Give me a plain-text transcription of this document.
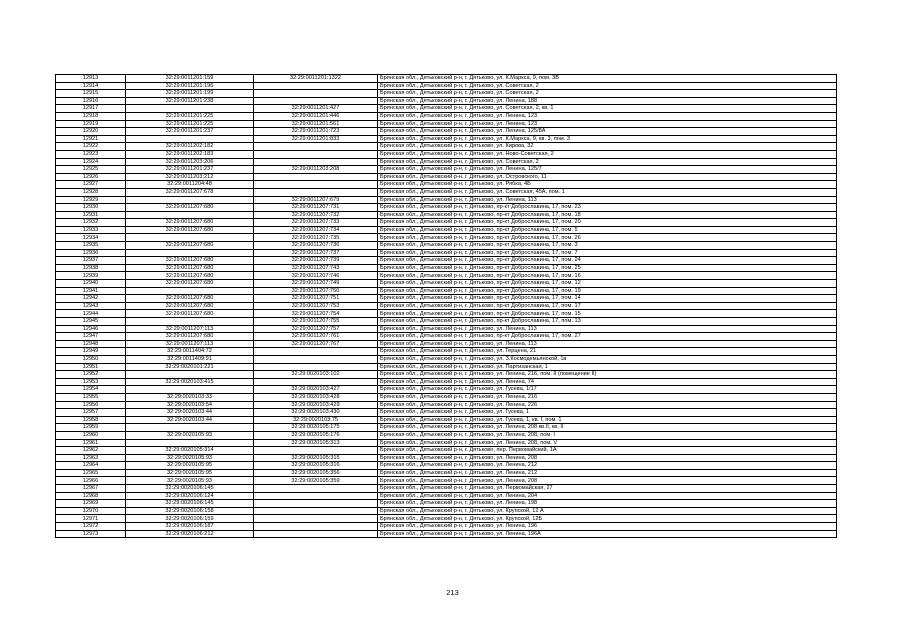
12913	32:29:0011201:159	32:29:0011201:1322	Брянская обл., Дятьковский р-н, г. Дятьково, ул. К.Маркса, 9, пом. 3В
12914	32:29:0011201:196		Брянская обл., Дятьковский р-н, г. Дятьково, ул. Советская, 2
12915	32:29:0011201:199		Брянская обл., Дятьковский р-н, г. Дятьково, ул. Советская, 2
12916	32:29:0011201:238		Брянская обл., Дятьковский р-н, г. Дятьково, ул. Ленина, 188
12917		32:29:0011201:427	Брянская обл., Дятьковский р-н, г. Дятьково, ул. Советская, 2, кв. 1
12918	32:29:0011201:225	32:29:0011201:446	Брянская обл., Дятьковский р-н, г. Дятьково, ул. Ленина, 123
12919	32:29:0011201:225	32:29:0011201:561	Брянская обл., Дятьковский р-н, г. Дятьково, ул. Ленина, 123
12920	32:29:0011201:237	32:29:0011201:723	Брянская обл., Дятьковский р-н, г. Дятьково, ул. Ленина, 125/8А
12921		32:29:0011201:833	Брянская обл., Дятьковский р-н, г. Дятьково, ул. К.Маркса, 9, кв. 3, пом. 3
12922	32:29:0011202:182		Брянская обл., Дятьковский р-н, г. Дятьково, ул. Кирова, 32
12923	32:29:0011202:183		Брянская обл., Дятьковский р-н, г. Дятьково, ул. Ново-Советская, 2
12924	32:29:0011203:206		Брянская обл., Дятьковский р-н, г. Дятьково, ул. Советская, 2
12925	32:29:0011201:237	32:29:0011203:208	Брянская обл., Дятьковский р-н, г. Дятьково, ул. Ленина, 125/7
12926	32:29:0011203:212		Брянская обл., Дятьковский р-н, г. Дятьково, ул. Островского, 11
12927	32:29:0011204:48		Брянская обл., Дятьковский р-н, г. Дятьково, ул. Рябка, 4Б
12928	32:29:0011207:678		Брянская обл., Дятьковский р-н, г. Дятьково, ул. Советская, 45А, пом. 1
12929		32:29:0011207:679	Брянская обл., Дятьковский р-н, г. Дятьково, ул. Ленина, 113
12930	32:29:0011207:680	32:29:0011207:731	Брянская обл., Дятьковский р-н, г. Дятьково, пр-кт Доброславина, 17, пом. 23
12931		32:29:0011207:732	Брянская обл., Дятьковский р-н, г. Дятьково, пр-кт Доброславина, 17, пом. 18
12932	32:29:0011207:680	32:29:0011207:733	Брянская обл., Дятьковский р-н, г. Дятьково, пр-кт Доброславина, 17, пом. 20
12933	32:29:0011207:680	32:29:0011207:734	Брянская обл., Дятьковский р-н, г. Дятьково, пр-кт Доброславина, 17, пом. 5
12934		32:29:0011207:735	Брянская обл., Дятьковский р-н, г. Дятьково, пр-кт Доброславина, 17, пом. 26
12935	32:29:0011207:680	32:29:0011207:736	Брянская обл., Дятьковский р-н, г. Дятьково, пр-кт Доброславина, 17, пом. 3
12936		32:29:0011207:737	Брянская обл., Дятьковский р-н, г. Дятьково, пр-кт Доброславина, 17, пом. 7
12937	32:29:0011207:680	32:29:0011207:739	Брянская обл., Дятьковский р-н, г. Дятьково, пр-кт Доброславина, 17, пом. 24
12938	32:29:0011207:680	32:29:0011207:743	Брянская обл., Дятьковский р-н, г. Дятьково, пр-кт Доброславина, 17, пом. 25
12939	32:29:0011207:680	32:29:0011207:746	Брянская обл., Дятьковский р-н, г. Дятьково, пр-кт Доброславина, 17, пом. 16
12940	32:29:0011207:680	32:29:0011207:749	Брянская обл., Дятьковский р-н, г. Дятьково, пр-кт Доброславина, 17, пом. 12
12941		32:29:0011207:750	Брянская обл., Дятьковский р-н, г. Дятьково, пр-кт Доброславина, 17, пом. 19
12942	32:29:0011207:680	32:29:0011207:751	Брянская обл., Дятьковский р-н, г. Дятьково, пр-кт Доброславина, 17, пом. 14
12943	32:29:0011207:680	32:29:0011207:753	Брянская обл., Дятьковский р-н, г. Дятьково, пр-кт Доброславина, 17, пом. 17
12944	32:29:0011207:680	32:29:0011207:754	Брянская обл., Дятьковский р-н, г. Дятьково, пр-кт Доброславина, 17, пом. 15
12945		32:29:0011207:755	Брянская обл., Дятьковский р-н, г. Дятьково, пр-кт Доброславина, 17, пом. 13
12946	32:29:0011207:113	32:29:0011207:757	Брянская обл., Дятьковский р-н, г. Дятьково, ул. Ленина, 113
12947	32:29:0011207:680	32:29:0011207:761	Брянская обл., Дятьковский р-н, г. Дятьково, пр-кт Доброславина, 17, пом. 27
12948	32:29:0011207:113	32:29:0011207:767	Брянская обл., Дятьковский р-н, г. Дятьково, ул. Ленина, 113
12949	32:29:0011404:72		Брянская обл., Дятьковский р-н, г. Дятьково, ул. Герцена, 21
12950	32:29:0011409:91		Брянская обл., Дятьковский р-н, г. Дятьково, ул. З.Космодемьянской, 1в
12951	32:29:0020101:221		Брянская обл., Дятьковский р-н, г. Дятьково, ул. Партизанская, 1
12952		32:29:0020103:102	Брянская обл., Дятьковский р-н, г. Дятьково, ул. Ленина, 216, пом. II (помещение II)
12953	32:29:0020103:415		Брянская обл., Дятьковский р-н, г. Дятьково, ул. Ленина, 74
12954		32:29:0020103:427	Брянская обл., Дятьковский р-н, г. Дятьково, ул. Гусева, 1/17
12955	32:29:0020103:33	32:29:0020103:428	Брянская обл., Дятьковский р-н, г. Дятьково, ул. Ленина, 216
12956	32:29:0020103:54	32:29:0020103:429	Брянская обл., Дятьковский р-н, г. Дятьково, ул. Ленина, 226
12957	32:29:0020103:44	32:29:0020103:430	Брянская обл., Дятьковский р-н, г. Дятьково, ул. Гусева, 1
12958	32:29:0020103:44	32:29:0020103:75	Брянская обл., Дятьковский р-н, г. Дятьково, ул. Гусева, 1, кв. I, пом. 1
12959		32:29:0020105:175	Брянская обл., Дятьковский р-н, г. Дятьково, ул. Ленина, 208 кв.II, кв. II
12960	32:29:0020105:93	32:29:0020105:176	Брянская обл., Дятьковский р-н, г. Дятьково, ул. Ленина, 208, пом. I
12961		32:29:0020105:313	Брянская обл., Дятьковский р-н, г. Дятьково, ул. Ленина, 208, пом. V
12962	32:29:0020105:314		Брянская обл., Дятьковский р-н, г. Дятьково, пер. Первомайский, 1А
12963	32:29:0020105:93	32:29:0020105:315	Брянская обл., Дятьковский р-н, г. Дятьково, ул. Ленина, 208
12964	32:29:0020105:95	32:29:0020105:316	Брянская обл., Дятьковский р-н, г. Дятьково, ул. Ленина, 212
12965	32:29:0020105:95	32:29:0020105:356	Брянская обл., Дятьковский р-н, г. Дятьково, ул. Ленина, 212
12966	32:29:0020105:93	32:29:0020105:359	Брянская обл., Дятьковский р-н, г. Дятьково, ул. Ленина, 208
12967	32:29:0020106:145		Брянская обл., Дятьковский р-н, г. Дятьково, ул. Первомайская, 27
12968	32:29:0020106:124		Брянская обл., Дятьковский р-н, г. Дятьково, ул. Ленина, 204
12969	32:29:0020106:145		Брянская обл., Дятьковский р-н, г. Дятьково, ул. Ленина, 198
12970	32:29:0020106:158		Брянская обл., Дятьковский р-н, г. Дятьково, ул. Крупской, 12 А
12971	32:29:0020106:159		Брянская обл., Дятьковский р-н, г. Дятьково, ул. Крупской, 12Б
12972	32:29:0020106:187		Брянская обл., Дятьковский р-н, г. Дятьково, ул. Ленина, 196
12973	32:29:0020106:212		Брянская обл., Дятьковский р-н, г. Дятьково, ул. Ленина, 196А
213
